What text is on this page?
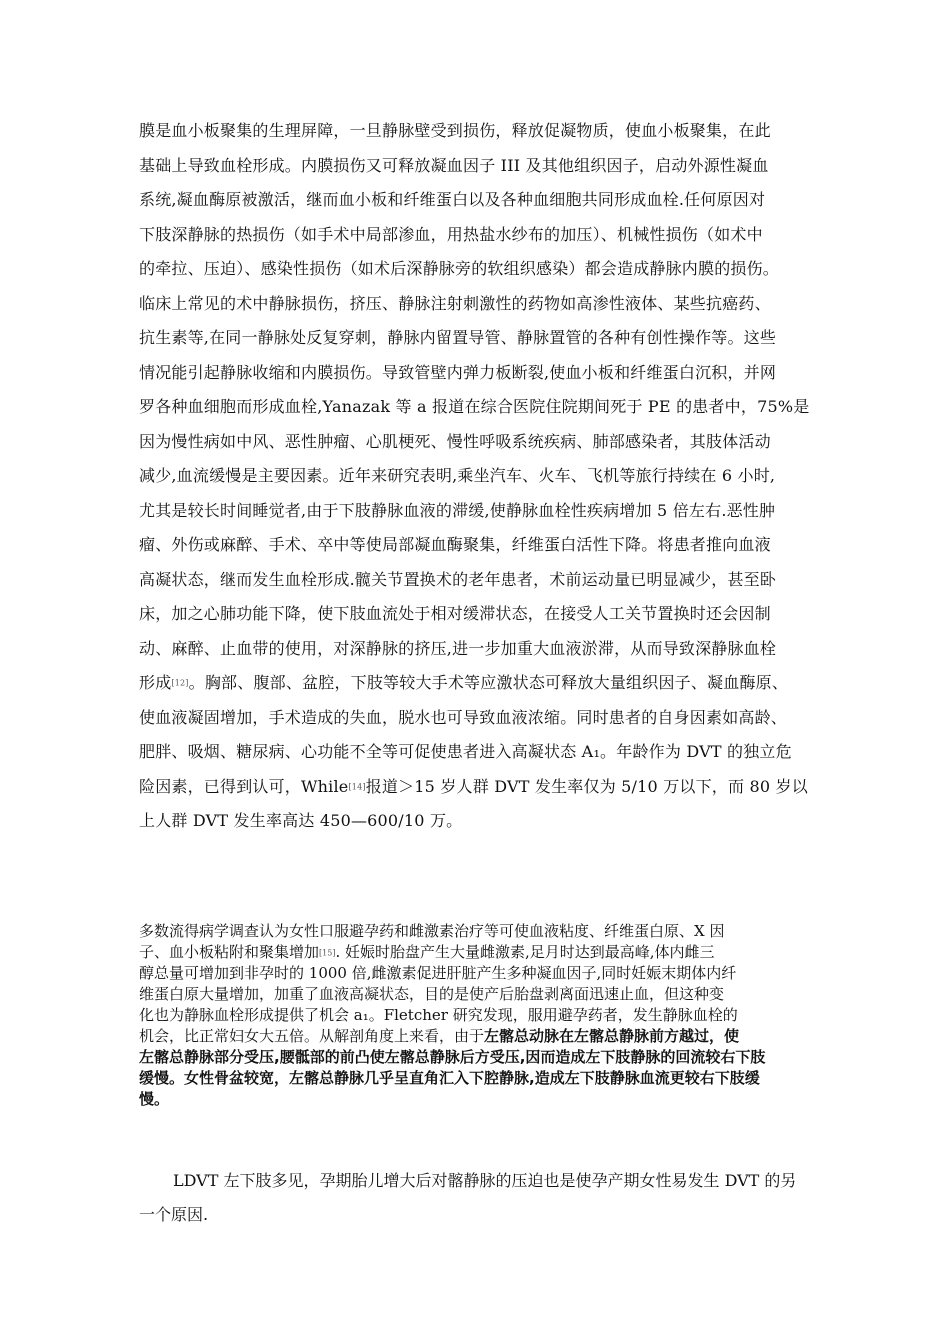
膜是血小板聚集的生理屏障，一旦静脉壁受到损伤，释放促凝物质，使血小板聚集，在此
基础上导致血栓形成。内膜损伤又可释放凝血因子 III 及其他组织因子，启动外源性凝血
系统,凝血酶原被激活，继而血小板和纤维蛋白以及各种血细胞共同形成血栓.任何原因对
下肢深静脉的热损伤（如手术中局部渗血，用热盐水纱布的加压）、机械性损伤（如术中
的牵拉、压迫）、感染性损伤（如术后深静脉旁的软组织感染）都会造成静脉内膜的损伤。
临床上常见的术中静脉损伤，挤压、静脉注射刺激性的药物如高渗性液体、某些抗癌药、
抗生素等,在同一静脉处反复穿刺，静脉内留置导管、静脉置管的各种有创性操作等。这些
情况能引起静脉收缩和内膜损伤。导致管壁内弹力板断裂,使血小板和纤维蛋白沉积，并网
罗各种血细胞而形成血栓,Yanazak 等 a 报道在综合医院住院期间死于 PE 的患者中，75%是
因为慢性病如中风、恶性肿瘤、心肌梗死、慢性呼吸系统疾病、肺部感染者，其肢体活动
减少,血流缓慢是主要因素。近年来研究表明,乘坐汽车、火车、飞机等旅行持续在 6 小时,
尤其是较长时间睡觉者,由于下肢静脉血液的滞缓,使静脉血栓性疾病增加 5 倍左右.恶性肿
瘤、外伤或麻醉、手术、卒中等使局部凝血酶聚集，纤维蛋白活性下降。将患者推向血液
高凝状态，继而发生血栓形成.髋关节置换术的老年患者，术前运动量已明显减少，甚至卧
床，加之心肺功能下降，使下肢血流处于相对缓滞状态，在接受人工关节置换时还会因制
动、麻醉、止血带的使用，对深静脉的挤压,进一步加重大血液淤滞，从而导致深静脉血栓
形成[12]。胸部、腹部、盆腔，下肢等较大手术等应激状态可释放大量组织因子、凝血酶原、
使血液凝固增加，手术造成的失血，脱水也可导致血液浓缩。同时患者的自身因素如高龄、
肥胖、吸烟、糖尿病、心功能不全等可促使患者进入高凝状态 A₁。年龄作为 DVT 的独立危
险因素，已得到认可，While[14]报道＞15 岁人群 DVT 发生率仅为 5/10 万以下，而 80 岁以
上人群 DVT 发生率高达 450—600/10 万。
多数流得病学调查认为女性口服避孕药和雌激素治疗等可使血液粘度、纤维蛋白原、X 因
子、血小板粘附和聚集增加[15]. 妊娠时胎盘产生大量雌激素,足月时达到最高峰,体内雌三
醇总量可增加到非孕时的 1000 倍,雌激素促进肝脏产生多种凝血因子,同时妊娠末期体内纤
维蛋白原大量增加，加重了血液高凝状态，目的是使产后胎盘剥离面迅速止血，但这种变
化也为静脉血栓形成提供了机会 a₁。Fletcher 研究发现，服用避孕药者，发生静脉血栓的
机会，比正常妇女大五倍。从解剖角度上来看，由于左髂总动脉在左髂总静脉前方越过，使
左髂总静脉部分受压,腰骶部的前凸使左髂总静脉后方受压,因而造成左下肢静脉的回流较右下肢
缓慢。女性骨盆较宽，左髂总静脉几乎呈直角汇入下腔静脉,造成左下肢静脉血流更较右下肢缓
慢。
LDVT 左下肢多见，孕期胎儿增大后对髂静脉的压迫也是使孕产期女性易发生 DVT 的另
一个原因.
